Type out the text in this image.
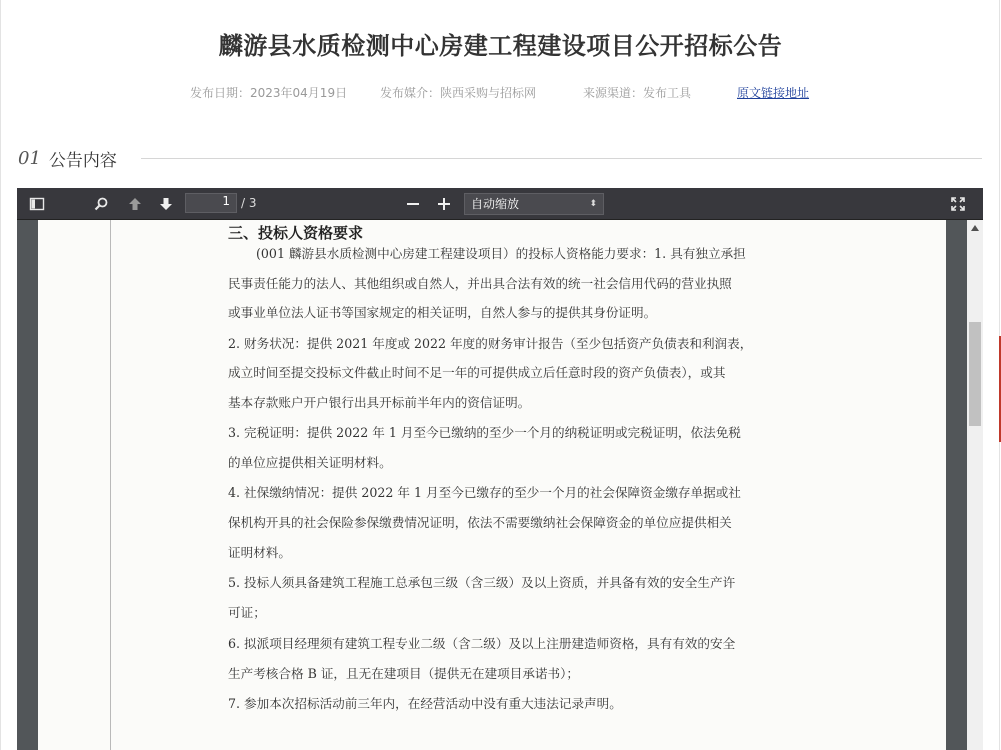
麟游县水质检测中心房建工程建设项目公开招标公告
发布日期：2023年04月19日	发布媒介：陕西采购与招标网	来源渠道：发布工具	原文链接地址
01 公告内容
1 / 3	自动缩放	⬍
三、投标人资格要求
(001 麟游县水质检测中心房建工程建设项目）的投标人资格能力要求：1. 具有独立承担
民事责任能力的法人、其他组织或自然人，并出具合法有效的统一社会信用代码的营业执照
或事业单位法人证书等国家规定的相关证明，自然人参与的提供其身份证明。
2. 财务状况：提供 2021 年度或 2022 年度的财务审计报告（至少包括资产负债表和利润表，
成立时间至提交投标文件截止时间不足一年的可提供成立后任意时段的资产负债表），或其
基本存款账户开户银行出具开标前半年内的资信证明。
3. 完税证明：提供 2022 年 1 月至今已缴纳的至少一个月的纳税证明或完税证明，依法免税
的单位应提供相关证明材料。
4. 社保缴纳情况：提供 2022 年 1 月至今已缴存的至少一个月的社会保障资金缴存单据或社
保机构开具的社会保险参保缴费情况证明，依法不需要缴纳社会保障资金的单位应提供相关
证明材料。
5. 投标人须具备建筑工程施工总承包三级（含三级）及以上资质，并具备有效的安全生产许
可证；
6. 拟派项目经理须有建筑工程专业二级（含二级）及以上注册建造师资格，具有有效的安全
生产考核合格 B 证，且无在建项目（提供无在建项目承诺书）；
7. 参加本次招标活动前三年内，在经营活动中没有重大违法记录声明。
